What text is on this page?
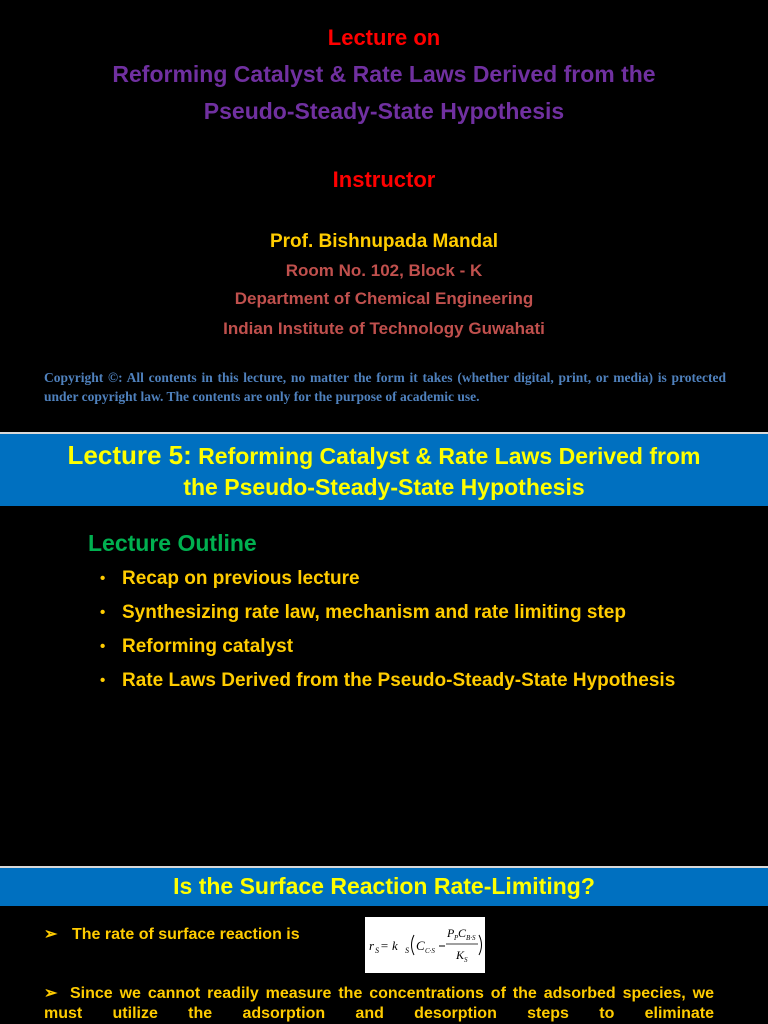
Lecture on
Reforming Catalyst & Rate Laws Derived from the
Pseudo-Steady-State Hypothesis
Instructor
Prof. Bishnupada Mandal
Room No. 102, Block - K
Department of Chemical Engineering
Indian Institute of Technology Guwahati
Copyright ©: All contents in this lecture, no matter the form it takes (whether digital, print, or media) is protected under copyright law. The contents are only for the purpose of academic use.
Lecture 5: Reforming Catalyst & Rate Laws Derived from
the Pseudo-Steady-State Hypothesis
Lecture Outline
• Recap on previous lecture
• Synthesizing rate law, mechanism and rate limiting step
• Reforming catalyst
• Rate Laws Derived from the Pseudo-Steady-State Hypothesis
Is the Surface Reaction Rate-Limiting?
➢ The rate of surface reaction is
r S = k S C C·S
P P C B·S
K S
➢ Since we cannot readily measure the concentrations of the adsorbed species, we must utilize the adsorption and desorption steps to eliminate
